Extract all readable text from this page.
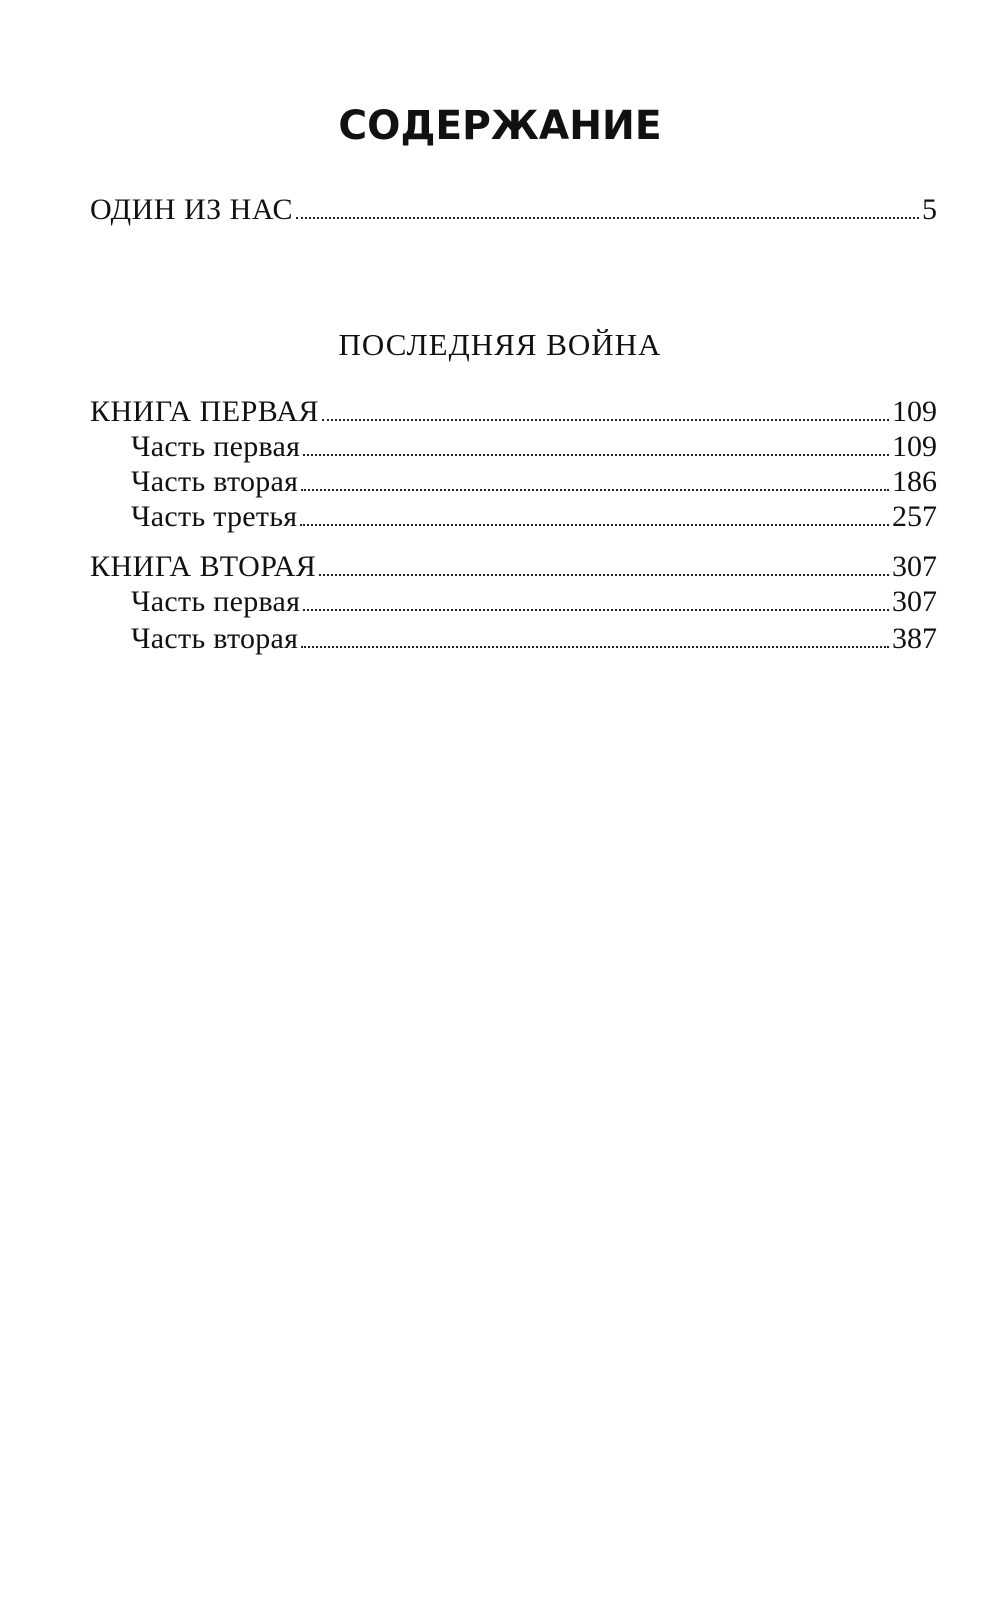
СОДЕРЖАНИЕ
ОДИН ИЗ НАС	5
ПОСЛЕДНЯЯ ВОЙНА
КНИГА ПЕРВАЯ	109
Часть первая	109
Часть вторая	186
Часть третья	257
КНИГА ВТОРАЯ	307
Часть первая	307
Часть вторая	387
